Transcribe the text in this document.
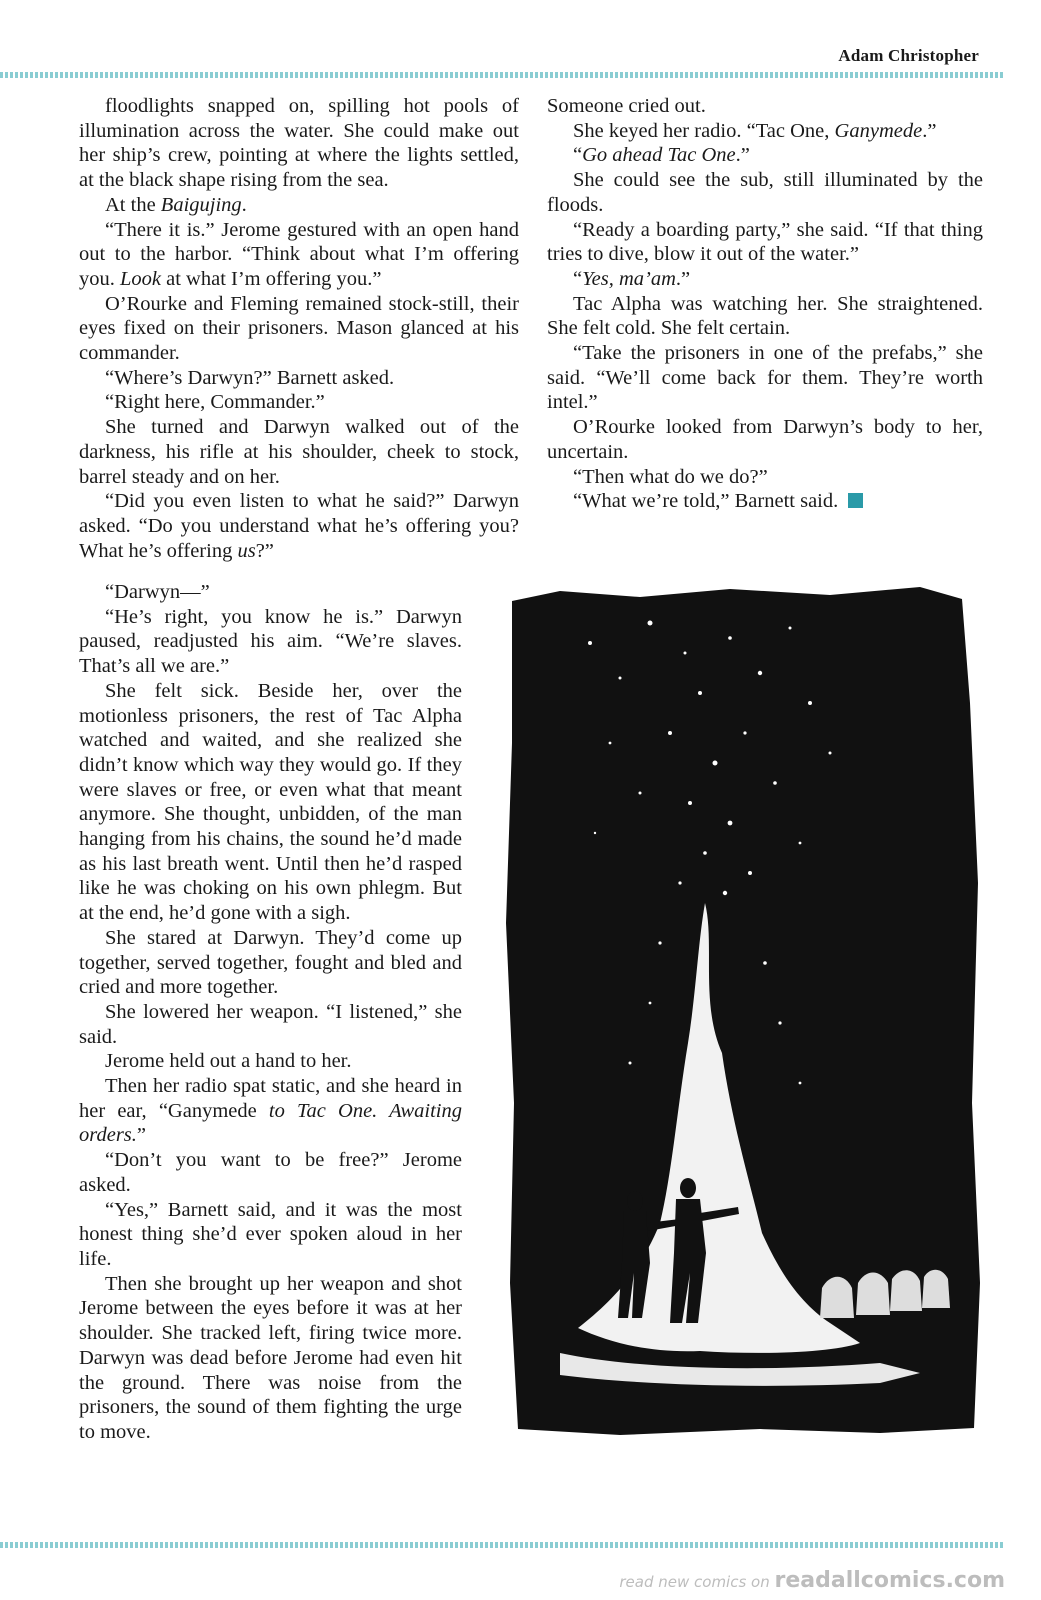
Adam Christopher

floodlights snapped on, spilling hot pools of illumination across the water. She could make out her ship’s crew, pointing at where the lights settled, at the black shape rising from the sea.

At the Baigujing.

“There it is.” Jerome gestured with an open hand out to the harbor. “Think about what I’m offering you. Look at what I’m offering you.”

O’Rourke and Fleming remained stock-still, their eyes fixed on their prisoners. Mason glanced at his commander.

“Where’s Darwyn?” Barnett asked.

“Right here, Commander.”

She turned and Darwyn walked out of the darkness, his rifle at his shoulder, cheek to stock, barrel steady and on her.

“Did you even listen to what he said?” Darwyn asked. “Do you understand what he’s offering you? What he’s offering us?”

“Darwyn—”

“He’s right, you know he is.” Darwyn paused, readjusted his aim. “We’re slaves. That’s all we are.”

She felt sick. Beside her, over the motionless prisoners, the rest of Tac Alpha watched and waited, and she realized she didn’t know which way they would go. If they were slaves or free, or even what that meant anymore. She thought, unbidden, of the man hanging from his chains, the sound he’d made as his last breath went. Until then he’d rasped like he was choking on his own phlegm. But at the end, he’d gone with a sigh.

She stared at Darwyn. They’d come up together, served together, fought and bled and cried and more together.

She lowered her weapon. “I listened,” she said.

Jerome held out a hand to her.

Then her radio spat static, and she heard in her ear, “Ganymede to Tac One. Awaiting orders.”

“Don’t you want to be free?” Jerome asked.

“Yes,” Barnett said, and it was the most honest thing she’d ever spoken aloud in her life.

Then she brought up her weapon and shot Jerome between the eyes before it was at her shoulder. She tracked left, firing twice more. Darwyn was dead before Jerome had even hit the ground. There was noise from the prisoners, the sound of them fighting the urge to move.

Someone cried out.

She keyed her radio. “Tac One, Ganymede.”

“Go ahead Tac One.”

She could see the sub, still illuminated by the floods.

“Ready a boarding party,” she said. “If that thing tries to dive, blow it out of the water.”

“Yes, ma’am.”

Tac Alpha was watching her. She straightened. She felt cold. She felt certain.

“Take the prisoners in one of the prefabs,” she said. “We’ll come back for them. They’re worth intel.”

O’Rourke looked from Darwyn’s body to her, uncertain.

“Then what do we do?”

“What we’re told,” Barnett said.

read new comics on readallcomics.com
